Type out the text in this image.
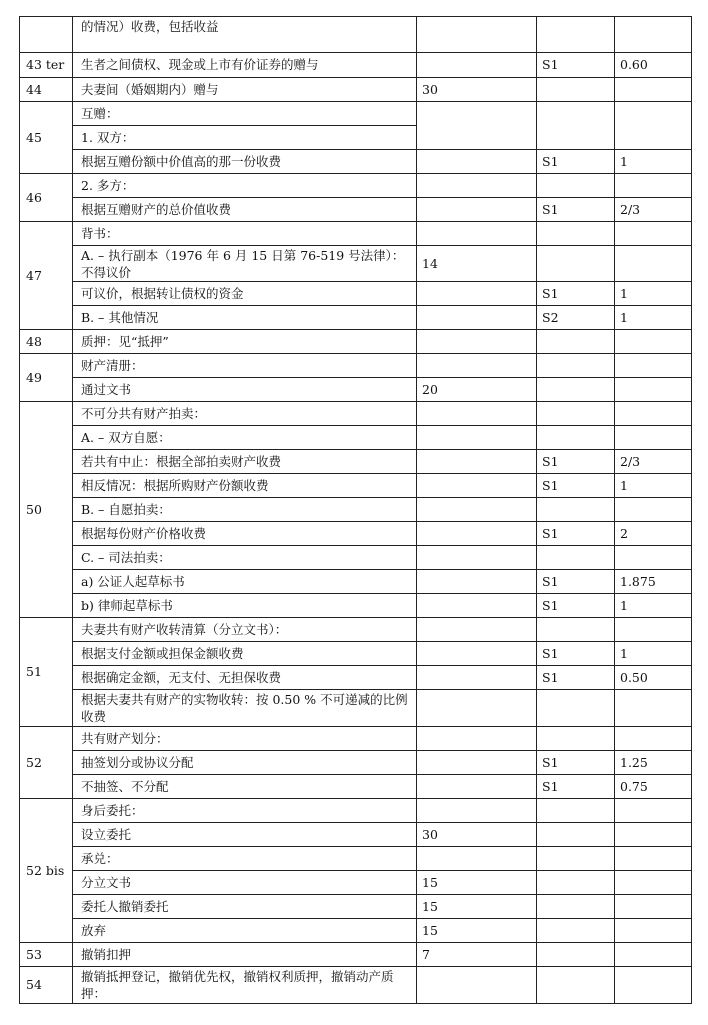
	的情况）收费，包括收益			
43 ter	生者之间债权、现金或上市有价证券的赠与		S1	0.60
44	夫妻间（婚姻期内）赠与	30		
45	互赠：			
	1. 双方：			
	根据互赠份额中价值高的那一份收费		S1	1
46	2. 多方：			
	根据互赠财产的总价值收费		S1	2/3
47	背书：			
	A. – 执行副本（1976 年 6 月 15 日第 76-519 号法律）：不得议价	14		
	可议价，根据转让债权的资金		S1	1
	B. – 其他情况		S2	1
48	质押：见“抵押”			
49	财产清册：			
	通过文书	20		
50	不可分共有财产拍卖：			
	A. – 双方自愿：			
	若共有中止：根据全部拍卖财产收费		S1	2/3
	相反情况：根据所购财产份额收费		S1	1
	B. – 自愿拍卖：			
	根据每份财产价格收费		S1	2
	C. – 司法拍卖：			
	a) 公证人起草标书		S1	1.875
	b) 律师起草标书		S1	1
51	夫妻共有财产收转清算（分立文书）：			
	根据支付金额或担保金额收费		S1	1
	根据确定金额，无支付、无担保收费		S1	0.50
	根据夫妻共有财产的实物收转：按 0.50 % 不可递减的比例收费			
52	共有财产划分：			
	抽签划分或协议分配		S1	1.25
	不抽签、不分配		S1	0.75
52 bis	身后委托：			
	设立委托	30		
	承兑：			
	分立文书	15		
	委托人撤销委托	15		
	放弃	15		
53	撤销扣押	7		
54	撤销抵押登记，撤销优先权，撤销权利质押，撤销动产质押：			
